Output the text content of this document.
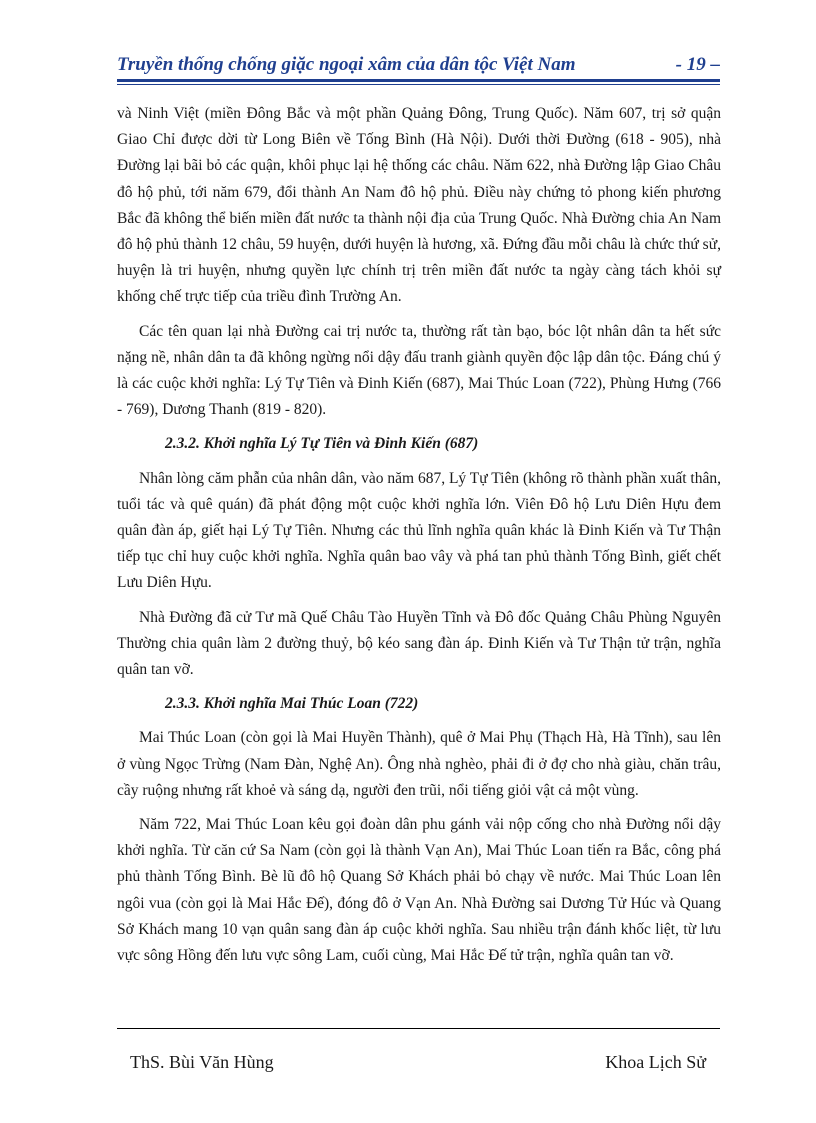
Truyền thống chống giặc ngoại xâm của dân tộc Việt Nam	- 19 –

và Ninh Việt (miền Đông Bắc và một phần Quảng Đông, Trung Quốc). Năm 607, trị sở quận Giao Chỉ được dời từ Long Biên về Tống Bình (Hà Nội). Dưới thời Đường (618 - 905), nhà Đường lại bãi bỏ các quận, khôi phục lại hệ thống các châu. Năm 622, nhà Đường lập Giao Châu đô hộ phủ, tới năm 679, đổi thành An Nam đô hộ phủ. Điều này chứng tỏ phong kiến phương Bắc đã không thể biến miền đất nước ta thành nội địa của Trung Quốc. Nhà Đường chia An Nam đô hộ phủ thành 12 châu, 59 huyện, dưới huyện là hương, xã. Đứng đầu mỗi châu là chức thứ sử, huyện là tri huyện, nhưng quyền lực chính trị trên miền đất nước ta ngày càng tách khỏi sự khống chế trực tiếp của triều đình Trường An.

Các tên quan lại nhà Đường cai trị nước ta, thường rất tàn bạo, bóc lột nhân dân ta hết sức nặng nề, nhân dân ta đã không ngừng nổi dậy đấu tranh giành quyền độc lập dân tộc. Đáng chú ý là các cuộc khởi nghĩa: Lý Tự Tiên và Đinh Kiến (687), Mai Thúc Loan (722), Phùng Hưng (766 - 769), Dương Thanh (819 - 820).

2.3.2. Khởi nghĩa Lý Tự Tiên và Đinh Kiến (687)

Nhân lòng căm phẫn của nhân dân, vào năm 687, Lý Tự Tiên (không rõ thành phần xuất thân, tuổi tác và quê quán) đã phát động một cuộc khởi nghĩa lớn. Viên Đô hộ Lưu Diên Hựu đem quân đàn áp, giết hại Lý Tự Tiên. Nhưng các thủ lĩnh nghĩa quân khác là Đinh Kiến và Tư Thận tiếp tục chỉ huy cuộc khởi nghĩa. Nghĩa quân bao vây và phá tan phủ thành Tống Bình, giết chết Lưu Diên Hựu.

Nhà Đường đã cử Tư mã Quế Châu Tào Huyền Tĩnh và Đô đốc Quảng Châu Phùng Nguyên Thường chia quân làm 2 đường thuỷ, bộ kéo sang đàn áp. Đinh Kiến và Tư Thận tử trận, nghĩa quân tan vỡ.

2.3.3. Khởi nghĩa Mai Thúc Loan (722)

Mai Thúc Loan (còn gọi là Mai Huyền Thành), quê ở Mai Phụ (Thạch Hà, Hà Tĩnh), sau lên ở vùng Ngọc Trừng (Nam Đàn, Nghệ An). Ông nhà nghèo, phải đi ở đợ cho nhà giàu, chăn trâu, cầy ruộng nhưng rất khoẻ và sáng dạ, người đen trũi, nổi tiếng giỏi vật cả một vùng.

Năm 722, Mai Thúc Loan kêu gọi đoàn dân phu gánh vải nộp cống cho nhà Đường nổi dậy khởi nghĩa. Từ căn cứ Sa Nam (còn gọi là thành Vạn An), Mai Thúc Loan tiến ra Bắc, công phá phủ thành Tống Bình. Bè lũ đô hộ Quang Sở Khách phải bỏ chạy về nước. Mai Thúc Loan lên ngôi vua (còn gọi là Mai Hắc Đế), đóng đô ở Vạn An. Nhà Đường sai Dương Tử Húc và Quang Sở Khách mang 10 vạn quân sang đàn áp cuộc khởi nghĩa. Sau nhiều trận đánh khốc liệt, từ lưu vực sông Hồng đến lưu vực sông Lam, cuối cùng, Mai Hắc Đế tử trận, nghĩa quân tan vỡ.

ThS. Bùi Văn Hùng	Khoa Lịch Sử
